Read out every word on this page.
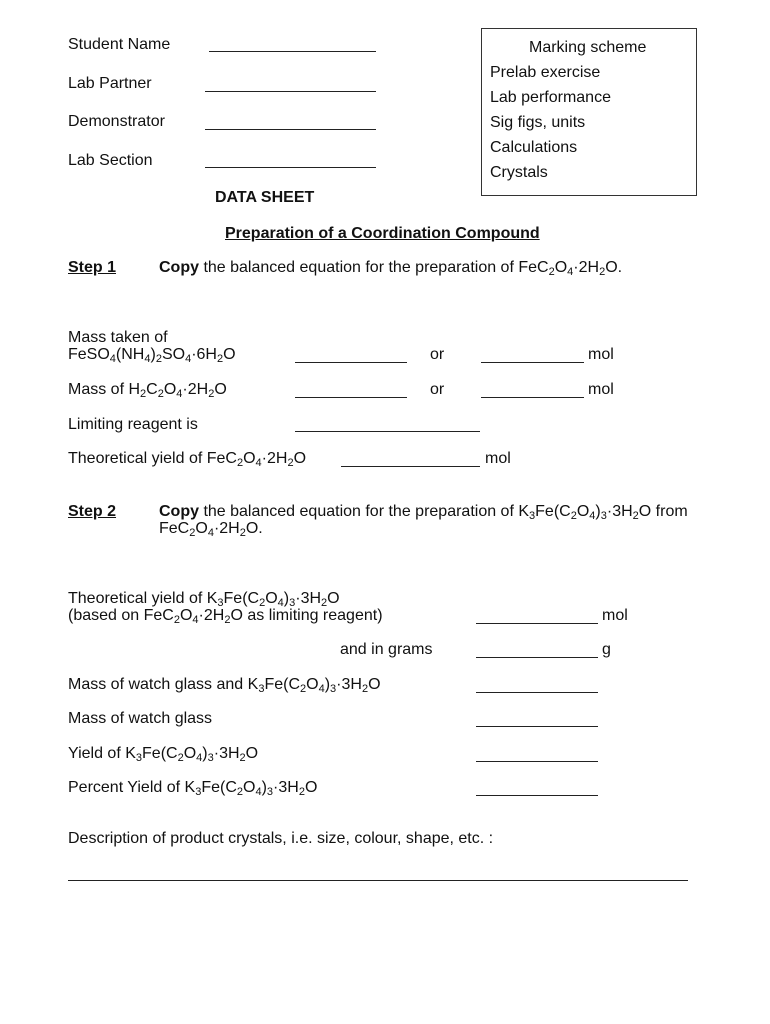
Student Name
Lab Partner
Demonstrator
Lab Section
Marking scheme
Prelab exercise
Lab performance
Sig figs, units
Calculations
Crystals
DATA SHEET
Preparation of a Coordination Compound
Step 1	Copy the balanced equation for the preparation of $FeC_2O_4\cdot 2H_2O$.
Mass taken of
$FeSO_4(NH_4)_2SO_4\cdot 6H_2O$	or	mol
Mass of $H_2C_2O_4\cdot 2H_2O$	or	mol
Limiting reagent is
Theoretical yield of $FeC_2O_4\cdot 2H_2O$	mol
Step 2	Copy the balanced equation for the preparation of $K_3Fe(C_2O_4)_3\cdot 3H_2O$ from
$FeC_2O_4\cdot 2H_2O$.
Theoretical yield of $K_3Fe(C_2O_4)_3\cdot 3H_2O$
(based on $FeC_2O_4\cdot 2H_2O$ as limiting reagent)	mol
and in grams	g
Mass of watch glass and $K_3Fe(C_2O_4)_3\cdot 3H_2O$
Mass of watch glass
Yield of $K_3Fe(C_2O_4)_3\cdot 3H_2O$
Percent Yield of $K_3Fe(C_2O_4)_3\cdot 3H_2O$
Description of product crystals, i.e. size, colour, shape, etc. :
